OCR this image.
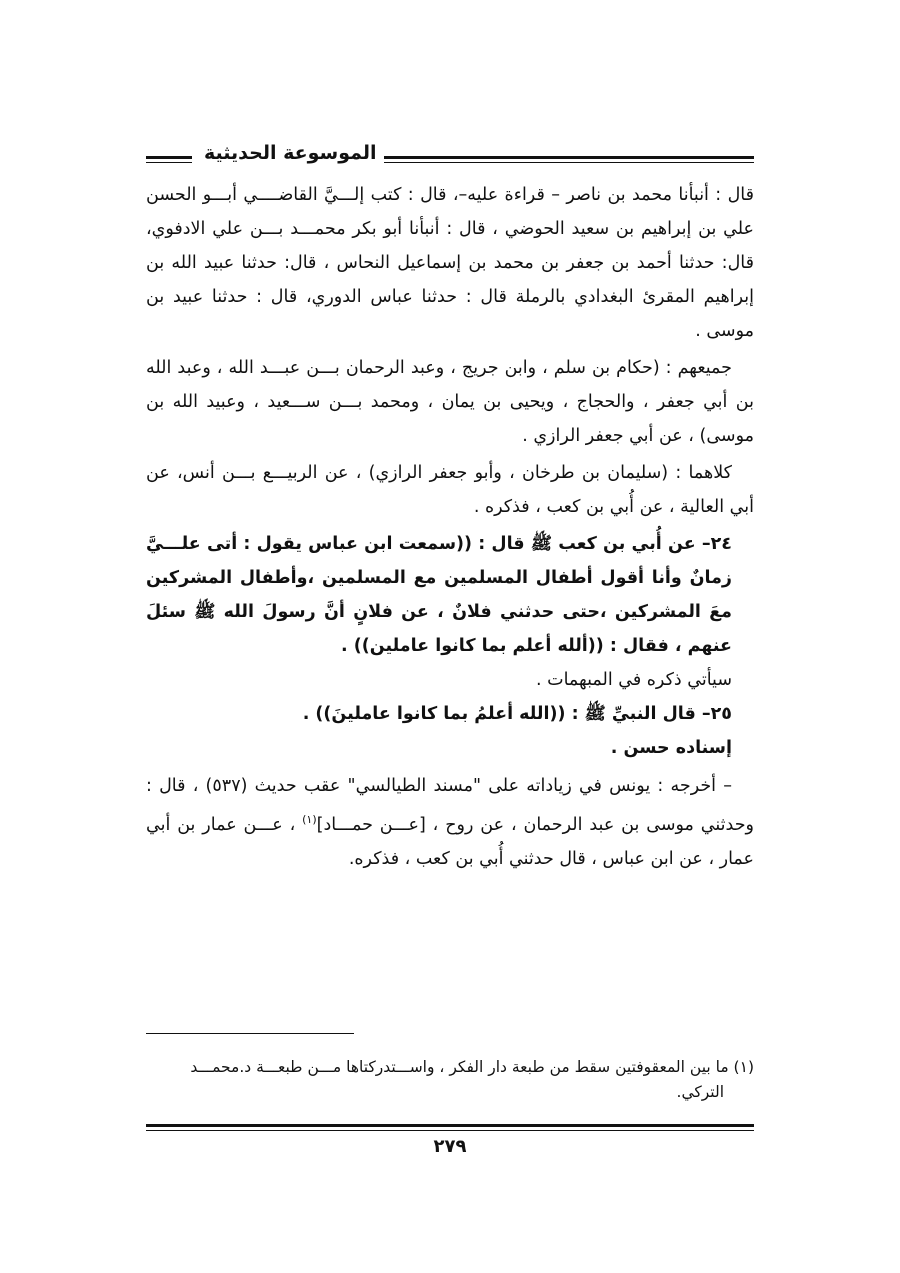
الموسوعة الحديثية

قال : أنبأنا محمد بن ناصر – قراءة عليه–، قال : كتب إلـــيَّ القاضــــي أبـــو الحسن علي بن إبراهيم بن سعيد الحوضي ، قال : أنبأنا أبو بكر محمـــد بـــن علي الادفوي، قال: حدثنا أحمد بن جعفر بن محمد بن إسماعيل النحاس ، قال: حدثنا عبيد الله بن إبراهيم المقرئ البغدادي بالرملة قال : حدثنا عباس الدوري، قال : حدثنا عبيد بن موسى .

جميعهم : (حكام بن سلم ، وابن جريج ، وعبد الرحمان بـــن عبـــد الله ، وعبد الله بن أبي جعفر ، والحجاج ، ويحيى بن يمان ، ومحمد بـــن ســـعيد ، وعبيد الله بن موسى) ، عن أبي جعفر الرازي .

كلاهما : (سليمان بن طرخان ، وأبو جعفر الرازي) ، عن الربيـــع بـــن أنس، عن أبي العالية ، عن أُبي بن كعب ، فذكره .

٢٤– عن أُبي بن كعب ﷺ قال : ((سمعت ابن عباس يقول : أتى علـــيَّ زمانٌ وأنا أقول أطفال المسلمين مع المسلمين ،وأطفال المشركين معَ المشركين ،حتى حدثني فلانٌ ، عن فلانٍ أنَّ رسولَ الله ﷺ سئلَ عنهم ، فقال : ((ألله أعلم بما كانوا عاملين)) .

سيأتي ذكره في المبهمات .

٢٥– قال النبيِّ ﷺ : ((الله أعلمُ بما كانوا عاملينَ)) .

إسناده حسن .

– أخرجه : يونس في زياداته على "مسند الطيالسي" عقب حديث (٥٣٧) ، قال : وحدثني موسى بن عبد الرحمان ، عن روح ، [عـــن حمـــاد]$^{(١)}$ ، عـــن عمار بن أبي عمار ، عن ابن عباس ، قال حدثني أُبي بن كعب ، فذكره.

(١) ما بين المعقوفتين سقط من طبعة دار الفكر ، واســـتدركتاها مـــن طبعـــة د.محمـــد
التركي.
٢٧٩
